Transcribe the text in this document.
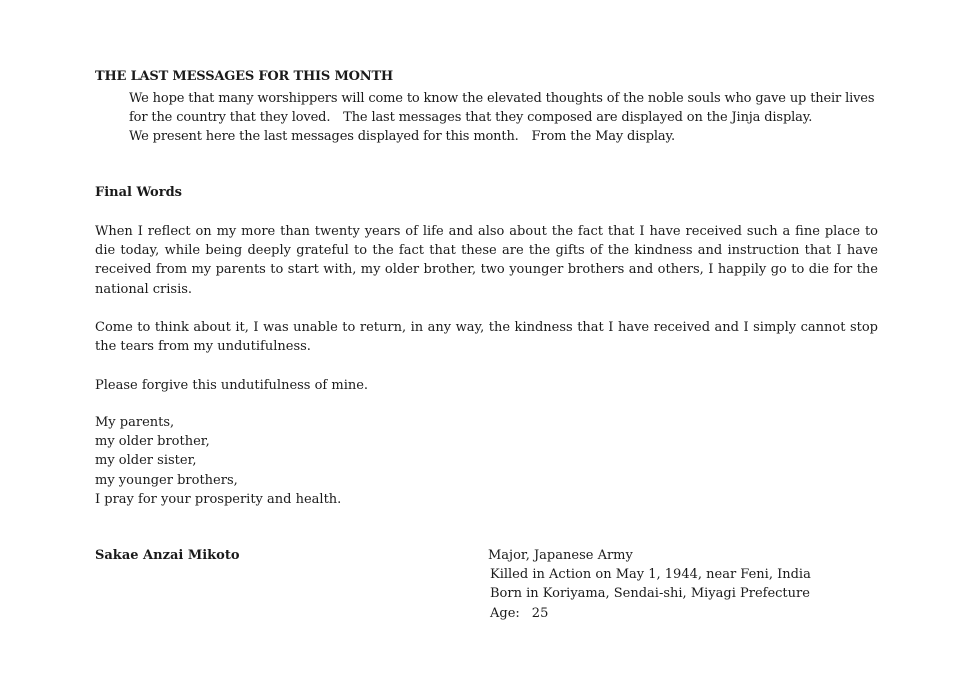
THE LAST MESSAGES FOR THIS MONTH

We hope that many worshippers will come to know the elevated thoughts of the noble souls who gave up their lives

for the country that they loved.　The last messages that they composed are displayed on the Jinja display.

We present here the last messages displayed for this month.　From the May display.

Final Words

When I reflect on my more than twenty years of life and also about the fact that I have received such a fine place to die today, while being deeply grateful to the fact that these are the gifts of the kindness and instruction that I have received from my parents to start with, my older brother, two younger brothers and others, I happily go to die for the national crisis.

Come to think about it, I was unable to return, in any way, the kindness that I have received and I simply cannot stop the tears from my undutifulness.

Please forgive this undutifulness of mine.

My parents,
my older brother,
my older sister,
my younger brothers,
I pray for your prosperity and health.
Sakae Anzai Mikoto	Major, Japanese Army
Killed in Action on May 1, 1944, near Feni, India
Born in Koriyama, Sendai-shi, Miyagi Prefecture
Age: 25
